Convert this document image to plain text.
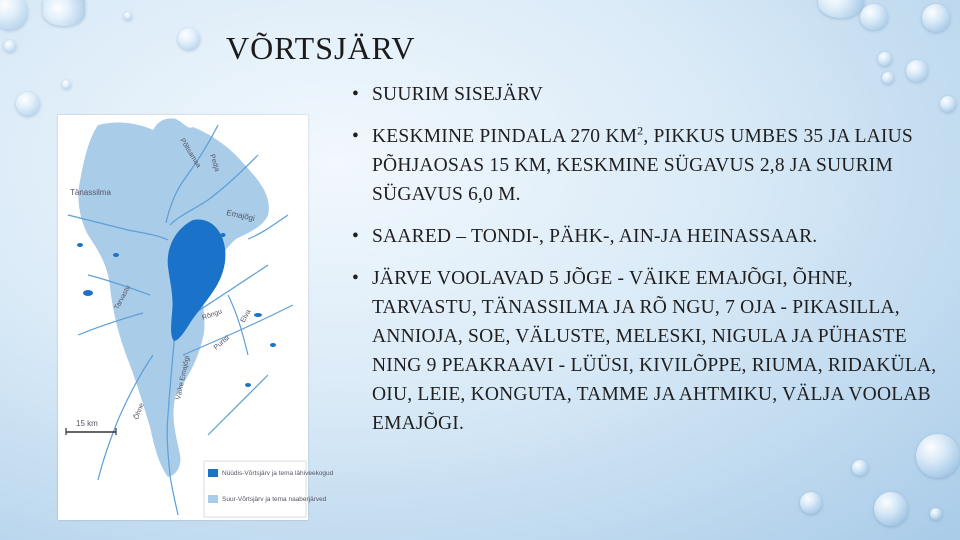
VÕRTSJÄRV
Tänassilma
Emajõgi
Põltsamaa Pedja
Tarvastu
Õhne
Väike Emajõgi
Elva
Rõngu
Purtsi
15 km
Nüüdis-Võrtsjärv ja tema lähiveekogud
Suur-Võrtsjärv ja tema naaberjärved
• SUURIM SISEJÄRV
• KESKMINE PINDALA 270 $KM^2$, PIKKUS UMBES 35 JA LAIUS PÕHJAOSAS 15 KM, KESKMINE SÜGAVUS 2,8 JA SUURIM SÜGAVUS 6,0 M.
• SAARED – TONDI-, PÄHK-, AIN-JA HEINASSAAR.
• JÄRVE VOOLAVAD 5 JÕGE - VÄIKE EMAJÕGI, ÕHNE, TARVASTU, TÄNASSILMA JA RÕ NGU, 7 OJA - PIKASILLA, ANNIOJA, SOE, VÄLUSTE, MELESKI, NIGULA JA PÜHASTE NING 9 PEAKRAAVI - LÜÜSI, KIVILÕPPE, RIUMA, RIDAKÜLA, OIU, LEIE, KONGUTA, TAMME JA AHTMIKU, VÄLJA VOOLAB EMAJÕGI.
